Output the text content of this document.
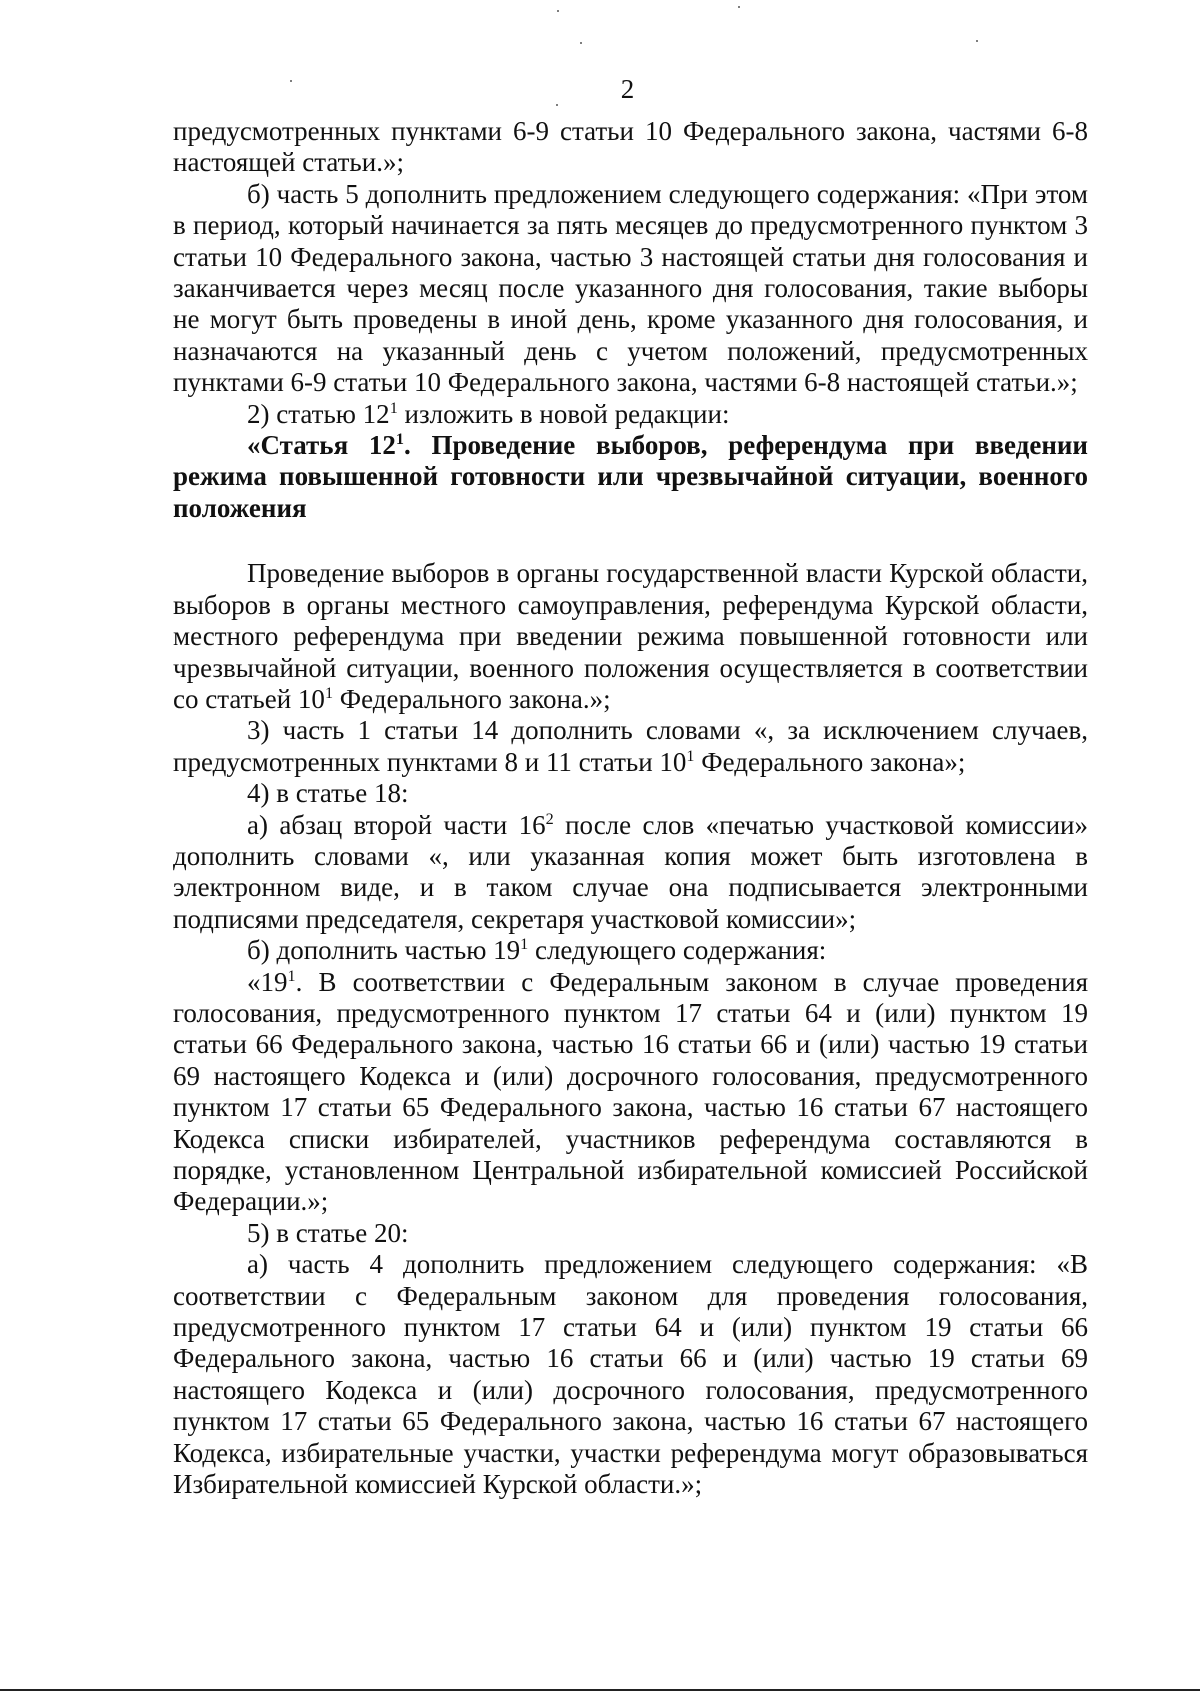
2

предусмотренных пунктами 6-9 статьи 10 Федерального закона, частями 6-8 настоящей статьи.»;

б) часть 5 дополнить предложением следующего содержания: «При этом в период, который начинается за пять месяцев до предусмотренного пунктом 3 статьи 10 Федерального закона, частью 3 настоящей статьи дня голосования и заканчивается через месяц после указанного дня голосования, такие выборы не могут быть проведены в иной день, кроме указанного дня голосования, и назначаются на указанный день с учетом положений, предусмотренных пунктами 6-9 статьи 10 Федерального закона, частями 6-8 настоящей статьи.»;

2) статью $12^1$ изложить в новой редакции:

«Статья $12^1$. Проведение выборов, референдума при введении режима повышенной готовности или чрезвычайной ситуации, военного положения

Проведение выборов в органы государственной власти Курской области, выборов в органы местного самоуправления, референдума Курской области, местного референдума при введении режима повышенной готовности или чрезвычайной ситуации, военного положения осуществляется в соответствии со статьей $10^1$ Федерального закона.»;

3) часть 1 статьи 14 дополнить словами «, за исключением случаев, предусмотренных пунктами 8 и 11 статьи $10^1$ Федерального закона»;

4) в статье 18:

а) абзац второй части $16^2$ после слов «печатью участковой комиссии» дополнить словами «, или указанная копия может быть изготовлена в электронном виде, и в таком случае она подписывается электронными подписями председателя, секретаря участковой комиссии»;

б) дополнить частью $19^1$ следующего содержания:

«$19^1$. В соответствии с Федеральным законом в случае проведения голосования, предусмотренного пунктом 17 статьи 64 и (или) пунктом 19 статьи 66 Федерального закона, частью 16 статьи 66 и (или) частью 19 статьи 69 настоящего Кодекса и (или) досрочного голосования, предусмотренного пунктом 17 статьи 65 Федерального закона, частью 16 статьи 67 настоящего Кодекса списки избирателей, участников референдума составляются в порядке, установленном Центральной избирательной комиссией Российской Федерации.»;

5) в статье 20:

а) часть 4 дополнить предложением следующего содержания: «В соответствии с Федеральным законом для проведения голосования, предусмотренного пунктом 17 статьи 64 и (или) пунктом 19 статьи 66 Федерального закона, частью 16 статьи 66 и (или) частью 19 статьи 69 настоящего Кодекса и (или) досрочного голосования, предусмотренного пунктом 17 статьи 65 Федерального закона, частью 16 статьи 67 настоящего Кодекса, избирательные участки, участки референдума могут образовываться Избирательной комиссией Курской области.»;
